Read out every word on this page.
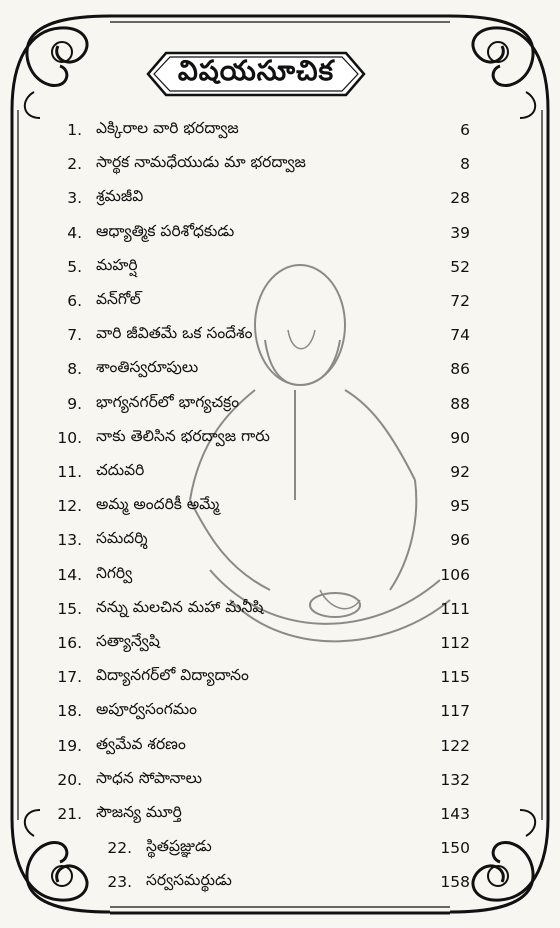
విషయసూచిక
1. ఎక్కిరాల వారి భరద్వాజ	6
2. సార్థక నామధేయుడు మా భరద్వాజ	8
3. శ్రమజీవి	28
4. ఆధ్యాత్మిక పరిశోధకుడు	39
5. మహర్షి	52
6. వన్‌గోల్	72
7. వారి జీవితమే ఒక సందేశం	74
8. శాంతిస్వరూపులు	86
9. భాగ్యనగర్‌లో భాగ్యచక్రం	88
10. నాకు తెలిసిన భరద్వాజ గారు	90
11. చదువరి	92
12. అమ్మ అందరికీ అమ్మే	95
13. సమదర్శి	96
14. నిగర్వి	106
15. నన్ను మలచిన మహా మనీషి	111
16. సత్యాన్వేషి	112
17. విద్యానగర్‌లో విద్యాదానం	115
18. అపూర్వసంగమం	117
19. త్వమేవ శరణం	122
20. సాధన సోపానాలు	132
21. సౌజన్య మూర్తి	143
22. స్థితప్రజ్ఞుడు	150
23. సర్వసమర్థుడు	158
